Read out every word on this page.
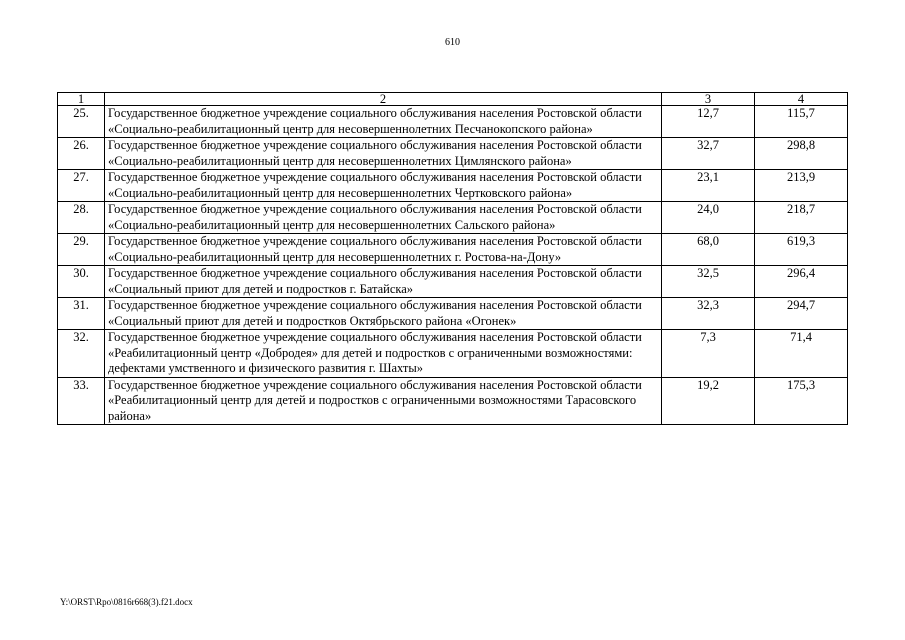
610
1	2	3	4
25.	Государственное бюджетное учреждение социального обслуживания населения Ростовской области «Социально-реабилитационный центр для несовершеннолетних Песчанокопского района»	12,7	115,7
26.	Государственное бюджетное учреждение социального обслуживания населения Ростовской области «Социально-реабилитационный центр для несовершеннолетних Цимлянского района»	32,7	298,8
27.	Государственное бюджетное учреждение социального обслуживания населения Ростовской области «Социально-реабилитационный центр для несовершеннолетних Чертковского района»	23,1	213,9
28.	Государственное бюджетное учреждение социального обслуживания населения Ростовской области «Социально-реабилитационный центр для несовершеннолетних Сальского района»	24,0	218,7
29.	Государственное бюджетное учреждение социального обслуживания населения Ростовской области «Социально-реабилитационный центр для несовершеннолетних г. Ростова-на-Дону»	68,0	619,3
30.	Государственное бюджетное учреждение социального обслуживания населения Ростовской области «Социальный приют для детей и подростков г. Батайска»	32,5	296,4
31.	Государственное бюджетное учреждение социального обслуживания населения Ростовской области «Социальный приют для детей и подростков Октябрьского района «Огонек»	32,3	294,7
32.	Государственное бюджетное учреждение социального обслуживания населения Ростовской области «Реабилитационный центр «Добродея» для детей и подростков с ограниченными возможностями: дефектами умственного и физического развития г. Шахты»	7,3	71,4
33.	Государственное бюджетное учреждение социального обслуживания населения Ростовской области «Реабилитационный центр для детей и подростков с ограниченными возможностями Тарасовского района»	19,2	175,3
Y:\ORST\Rpo\0816r668(3).f21.docx
